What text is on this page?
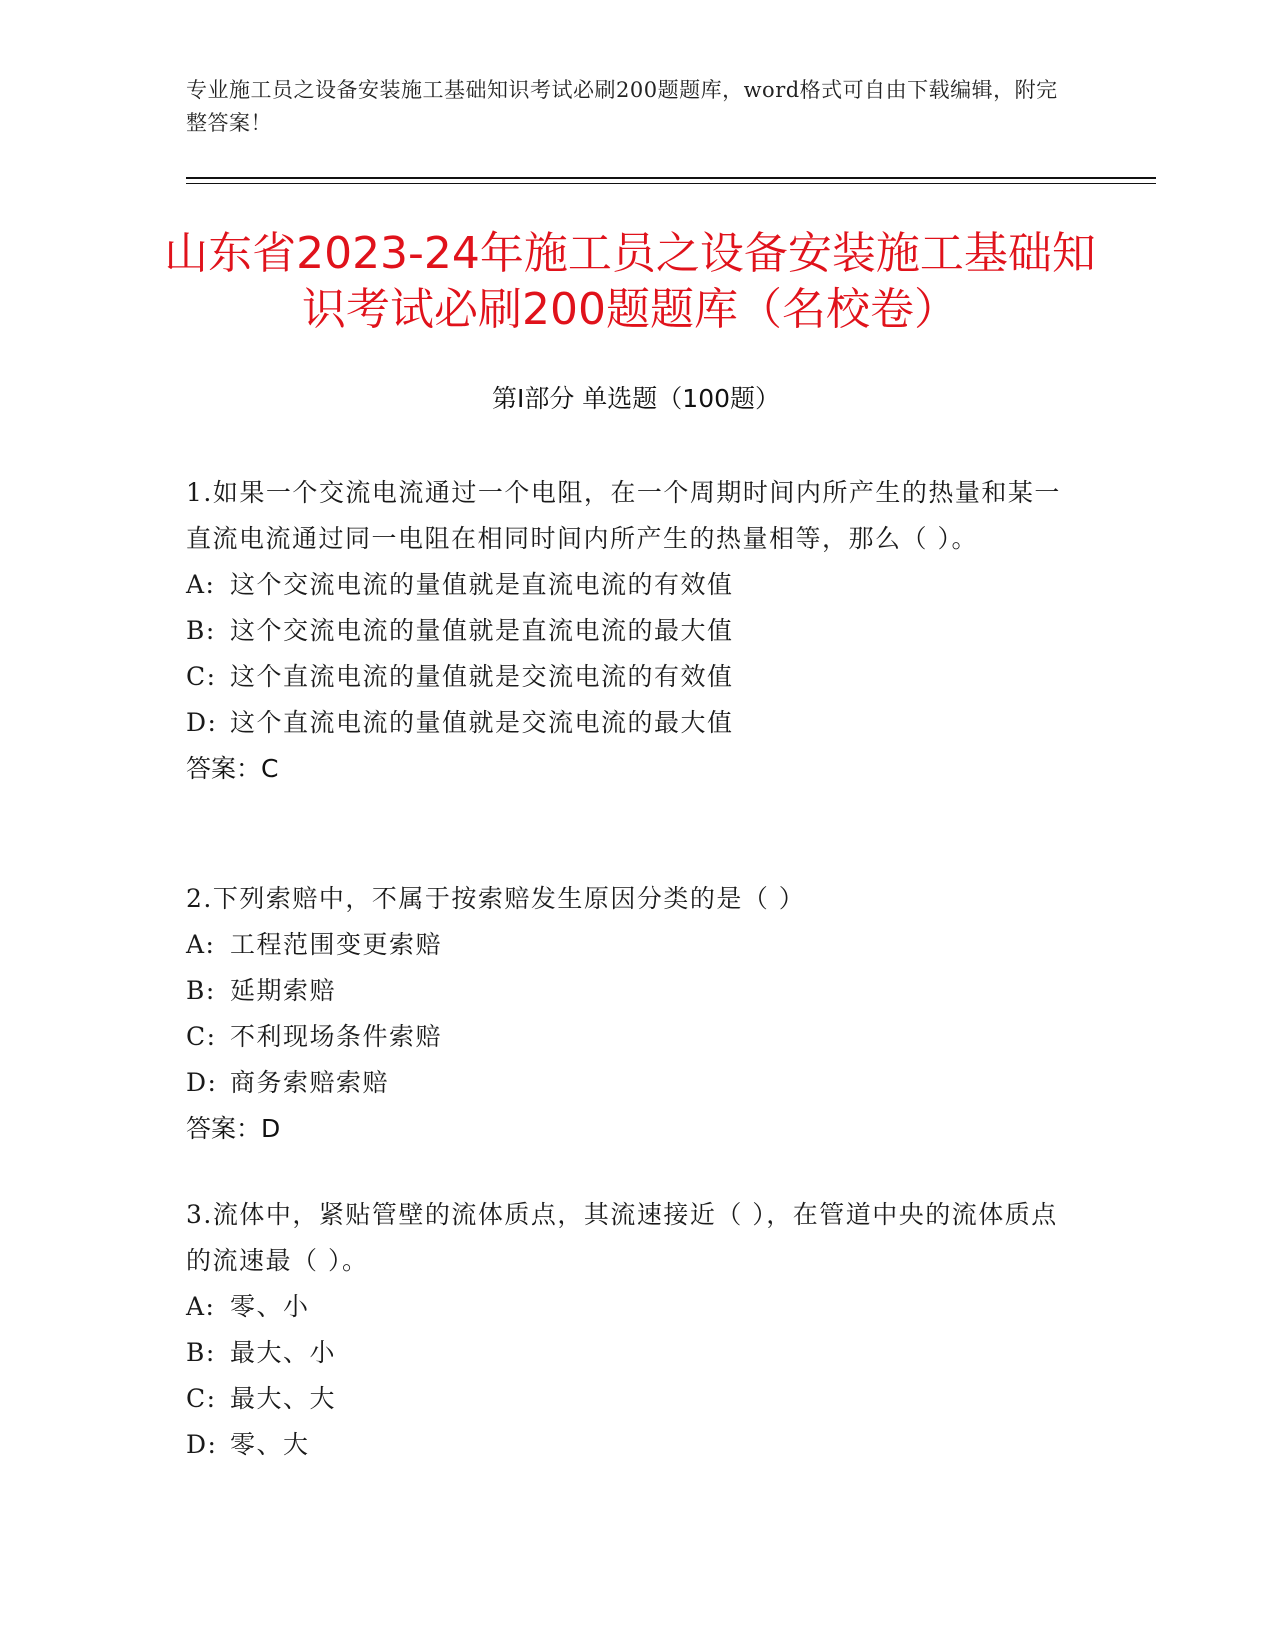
专业施工员之设备安装施工基础知识考试必刷200题题库，word格式可自由下载编辑，附完整答案！
山东省2023-24年施工员之设备安装施工基础知识考试必刷200题题库（名校卷）
第Ⅰ部分 单选题（100题）
1.如果一个交流电流通过一个电阻，在一个周期时间内所产生的热量和某一直流电流通过同一电阻在相同时间内所产生的热量相等，那么（ ）。
A: 这个交流电流的量值就是直流电流的有效值
B: 这个交流电流的量值就是直流电流的最大值
C: 这个直流电流的量值就是交流电流的有效值
D: 这个直流电流的量值就是交流电流的最大值
答案：C
2.下列索赔中，不属于按索赔发生原因分类的是（ ）
A: 工程范围变更索赔
B: 延期索赔
C: 不利现场条件索赔
D: 商务索赔索赔
答案：D
3.流体中，紧贴管壁的流体质点，其流速接近（ ），在管道中央的流体质点的流速最（ ）。
A: 零、小
B: 最大、小
C: 最大、大
D: 零、大
